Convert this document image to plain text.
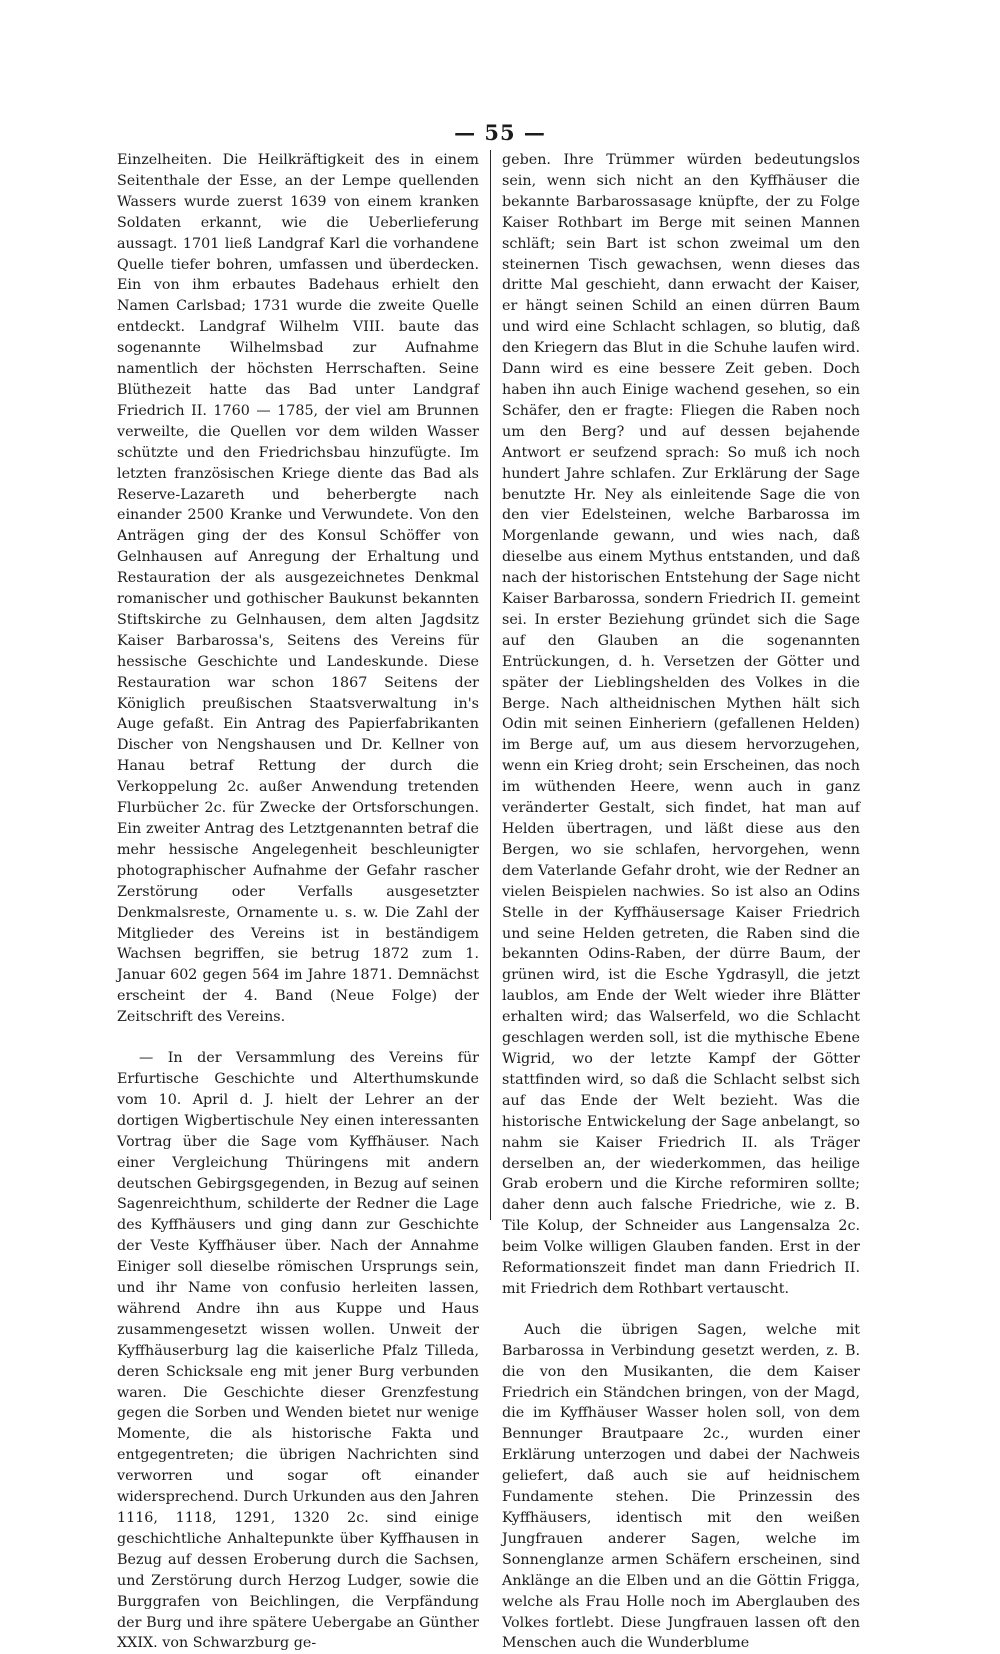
— 55 —

Einzelheiten. Die Heilkräftigkeit des in einem Seitenthale der Esse, an der Lempe quellenden Wassers wurde zuerst 1639 von einem kranken Soldaten erkannt, wie die Ueberlieferung aussagt. 1701 ließ Landgraf Karl die vorhandene Quelle tiefer bohren, umfassen und überdecken. Ein von ihm erbautes Badehaus erhielt den Namen Carlsbad; 1731 wurde die zweite Quelle entdeckt. Landgraf Wilhelm VIII. baute das sogenannte Wilhelmsbad zur Aufnahme namentlich der höchsten Herrschaften. Seine Blüthezeit hatte das Bad unter Landgraf Friedrich II. 1760 — 1785, der viel am Brunnen verweilte, die Quellen vor dem wilden Wasser schützte und den Friedrichsbau hinzufügte. Im letzten französischen Kriege diente das Bad als Reserve-Lazareth und beherbergte nach einander 2500 Kranke und Verwundete. Von den Anträgen ging der des Konsul Schöffer von Gelnhausen auf Anregung der Erhaltung und Restauration der als ausgezeichnetes Denkmal romanischer und gothischer Baukunst bekannten Stiftskirche zu Gelnhausen, dem alten Jagdsitz Kaiser Barbarossa's, Seitens des Vereins für hessische Geschichte und Landeskunde. Diese Restauration war schon 1867 Seitens der Königlich preußischen Staatsverwaltung in's Auge gefaßt. Ein Antrag des Papierfabrikanten Discher von Nengshausen und Dr. Kellner von Hanau betraf Rettung der durch die Verkoppelung 2c. außer Anwendung tretenden Flurbücher 2c. für Zwecke der Ortsforschungen. Ein zweiter Antrag des Letztgenannten betraf die mehr hessische Angelegenheit beschleunigter photographischer Aufnahme der Gefahr rascher Zerstörung oder Verfalls ausgesetzter Denkmalsreste, Ornamente u. s. w. Die Zahl der Mitglieder des Vereins ist in beständigem Wachsen begriffen, sie betrug 1872 zum 1. Januar 602 gegen 564 im Jahre 1871. Demnächst erscheint der 4. Band (Neue Folge) der Zeitschrift des Vereins.

— In der Versammlung des Vereins für Erfurtische Geschichte und Alterthumskunde vom 10. April d. J. hielt der Lehrer an der dortigen Wigbertischule Ney einen interessanten Vortrag über die Sage vom Kyffhäuser. Nach einer Vergleichung Thüringens mit andern deutschen Gebirgsgegenden, in Bezug auf seinen Sagenreichthum, schilderte der Redner die Lage des Kyffhäusers und ging dann zur Geschichte der Veste Kyffhäuser über. Nach der Annahme Einiger soll dieselbe römischen Ursprungs sein, und ihr Name von confusio herleiten lassen, während Andre ihn aus Kuppe und Haus zusammengesetzt wissen wollen. Unweit der Kyffhäuserburg lag die kaiserliche Pfalz Tilleda, deren Schicksale eng mit jener Burg verbunden waren. Die Geschichte dieser Grenzfestung gegen die Sorben und Wenden bietet nur wenige Momente, die als historische Fakta und entgegentreten; die übrigen Nachrichten sind verworren und sogar oft einander widersprechend. Durch Urkunden aus den Jahren 1116, 1118, 1291, 1320 2c. sind einige geschichtliche Anhaltepunkte über Kyffhausen in Bezug auf dessen Eroberung durch die Sachsen, und Zerstörung durch Herzog Ludger, sowie die Burggrafen von Beichlingen, die Verpfändung der Burg und ihre spätere Uebergabe an Günther XXIX. von Schwarzburg ge-

geben. Ihre Trümmer würden bedeutungslos sein, wenn sich nicht an den Kyffhäuser die bekannte Barbarossasage knüpfte, der zu Folge Kaiser Rothbart im Berge mit seinen Mannen schläft; sein Bart ist schon zweimal um den steinernen Tisch gewachsen, wenn dieses das dritte Mal geschieht, dann erwacht der Kaiser, er hängt seinen Schild an einen dürren Baum und wird eine Schlacht schlagen, so blutig, daß den Kriegern das Blut in die Schuhe laufen wird. Dann wird es eine bessere Zeit geben. Doch haben ihn auch Einige wachend gesehen, so ein Schäfer, den er fragte: Fliegen die Raben noch um den Berg? und auf dessen bejahende Antwort er seufzend sprach: So muß ich noch hundert Jahre schlafen. Zur Erklärung der Sage benutzte Hr. Ney als einleitende Sage die von den vier Edelsteinen, welche Barbarossa im Morgenlande gewann, und wies nach, daß dieselbe aus einem Mythus entstanden, und daß nach der historischen Entstehung der Sage nicht Kaiser Barbarossa, sondern Friedrich II. gemeint sei. In erster Beziehung gründet sich die Sage auf den Glauben an die sogenannten Entrückungen, d. h. Versetzen der Götter und später der Lieblingshelden des Volkes in die Berge. Nach altheidnischen Mythen hält sich Odin mit seinen Einheriern (gefallenen Helden) im Berge auf, um aus diesem hervorzugehen, wenn ein Krieg droht; sein Erscheinen, das noch im wüthenden Heere, wenn auch in ganz veränderter Gestalt, sich findet, hat man auf Helden übertragen, und läßt diese aus den Bergen, wo sie schlafen, hervorgehen, wenn dem Vaterlande Gefahr droht, wie der Redner an vielen Beispielen nachwies. So ist also an Odins Stelle in der Kyffhäusersage Kaiser Friedrich und seine Helden getreten, die Raben sind die bekannten Odins-Raben, der dürre Baum, der grünen wird, ist die Esche Ygdrasyll, die jetzt laublos, am Ende der Welt wieder ihre Blätter erhalten wird; das Walserfeld, wo die Schlacht geschlagen werden soll, ist die mythische Ebene Wigrid, wo der letzte Kampf der Götter stattfinden wird, so daß die Schlacht selbst sich auf das Ende der Welt bezieht. Was die historische Entwickelung der Sage anbelangt, so nahm sie Kaiser Friedrich II. als Träger derselben an, der wiederkommen, das heilige Grab erobern und die Kirche reformiren sollte; daher denn auch falsche Friedriche, wie z. B. Tile Kolup, der Schneider aus Langensalza 2c. beim Volke willigen Glauben fanden. Erst in der Reformationszeit findet man dann Friedrich II. mit Friedrich dem Rothbart vertauscht.

Auch die übrigen Sagen, welche mit Barbarossa in Verbindung gesetzt werden, z. B. die von den Musikanten, die dem Kaiser Friedrich ein Ständchen bringen, von der Magd, die im Kyffhäuser Wasser holen soll, von dem Bennunger Brautpaare 2c., wurden einer Erklärung unterzogen und dabei der Nachweis geliefert, daß auch sie auf heidnischem Fundamente stehen. Die Prinzessin des Kyffhäusers, identisch mit den weißen Jungfrauen anderer Sagen, welche im Sonnenglanze armen Schäfern erscheinen, sind Anklänge an die Elben und an die Göttin Frigga, welche als Frau Holle noch im Aberglauben des Volkes fortlebt. Diese Jungfrauen lassen oft den Menschen auch die Wunderblume
